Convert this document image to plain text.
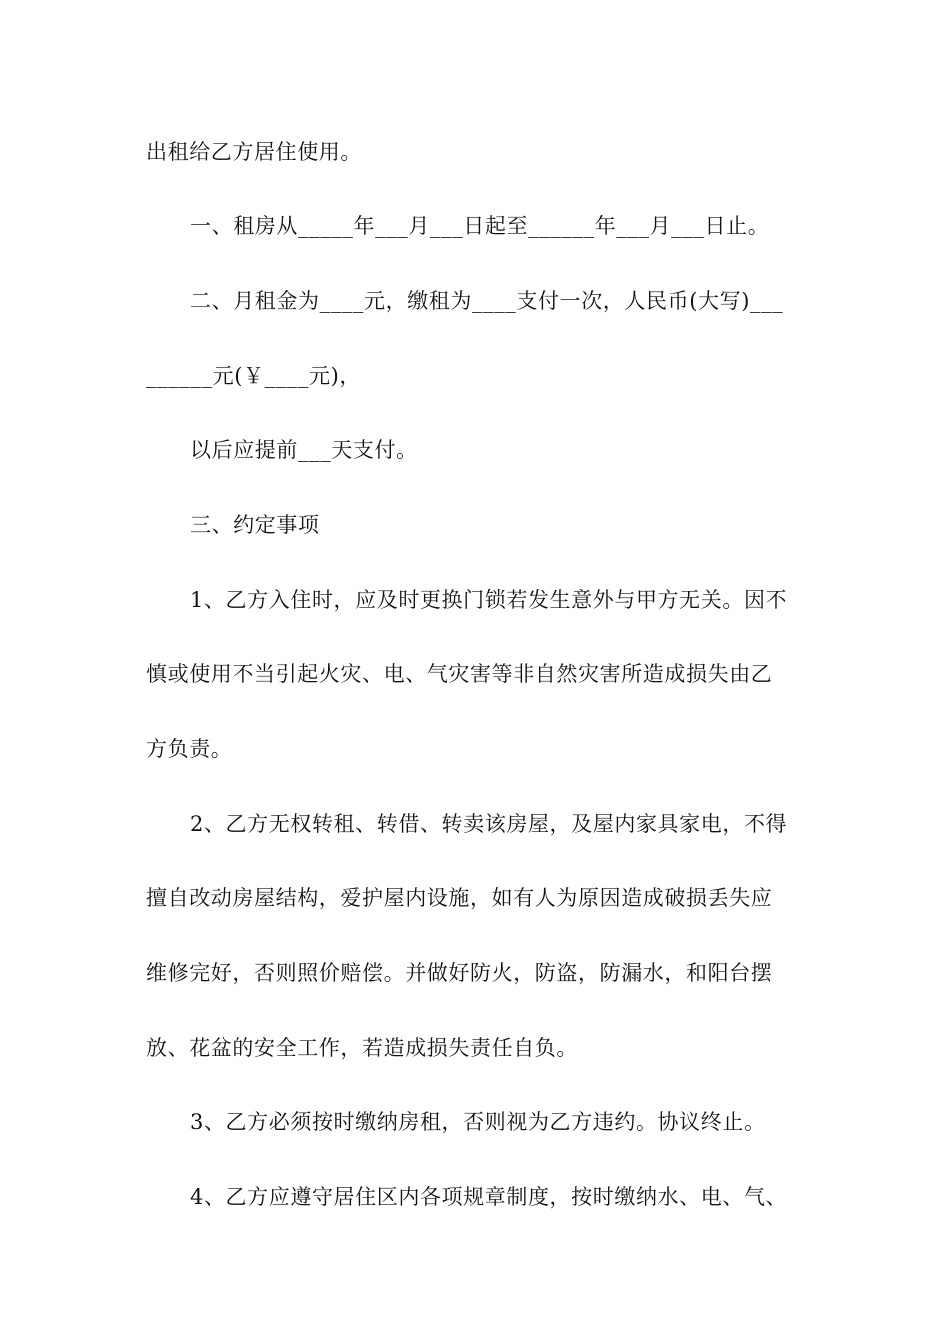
出租给乙方居住使用。
一、租房从_____年___月___日起至______年___月___日止。
二、月租金为____元，缴租为____支付一次，人民币(大写)___
______元(￥____元)，
以后应提前___天支付。
三、约定事项
1、乙方入住时，应及时更换门锁若发生意外与甲方无关。因不
慎或使用不当引起火灾、电、气灾害等非自然灾害所造成损失由乙
方负责。
2、乙方无权转租、转借、转卖该房屋，及屋内家具家电，不得
擅自改动房屋结构，爱护屋内设施，如有人为原因造成破损丢失应
维修完好，否则照价赔偿。并做好防火，防盗，防漏水，和阳台摆
放、花盆的安全工作，若造成损失责任自负。
3、乙方必须按时缴纳房租，否则视为乙方违约。协议终止。
4、乙方应遵守居住区内各项规章制度，按时缴纳水、电、气、
